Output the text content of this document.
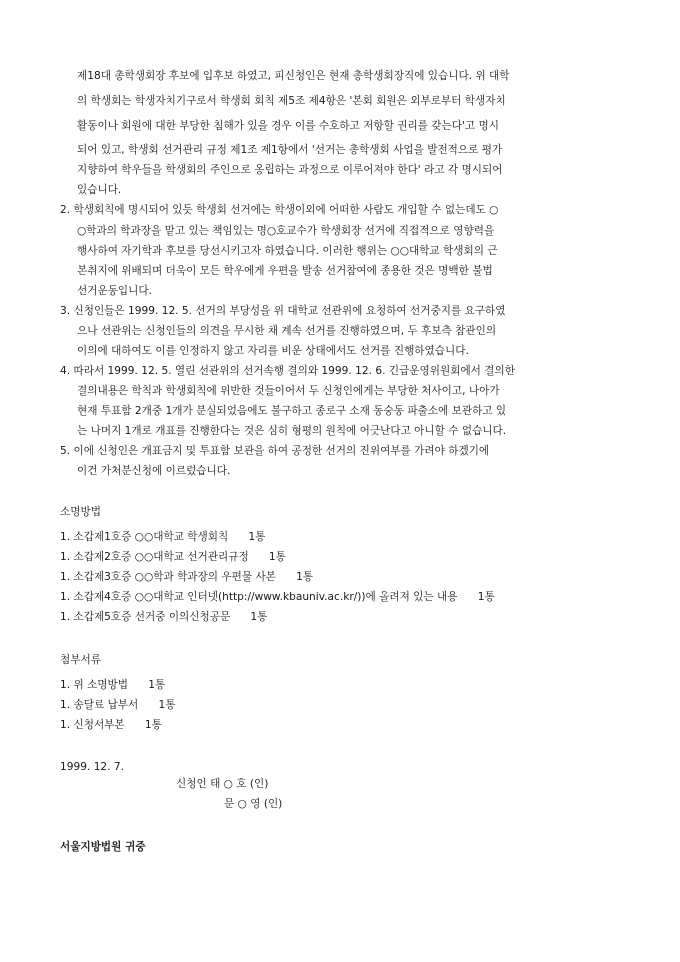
제18대 총학생회장 후보에 입후보 하였고, 피신청인은 현재 총학생회장직에 있습니다. 위 대학
의 학생회는 학생자치기구로서 학생회 회칙 제5조 제4항은 '본회 회원은 외부로부터 학생자치
활동이나 회원에 대한 부당한 침해가 있을 경우 이를 수호하고 저항할 권리를 갖는다'고 명시
되어 있고, 학생회 선거관리 규정 제1조 제1항에서 '선거는 총학생회 사업을 발전적으로 평가
지향하여 학우들을 학생회의 주인으로 옹립하는 과정으로 이루어져야 한다' 라고 각 명시되어
있습니다.
2. 학생회칙에 명시되어 있듯 학생회 선거에는 학생이외에 어떠한 사람도 개입할 수 없는데도 ○
○학과의 학과장을 맡고 있는 책임있는 명○호교수가 학생회장 선거에 직접적으로 영향력을
행사하여 자기학과 후보를 당선시키고자 하였습니다. 이러한 행위는 ○○대학교 학생회의 근
본취지에 위배되며 더욱이 모든 학우에게 우편을 발송 선거참여에 종용한 것은 명백한 불법
선거운동입니다.
3. 신청인들은 1999. 12. 5. 선거의 부당성을 위 대학교 선관위에 요청하여 선거중지를 요구하였
으나 선관위는 신청인들의 의견을 무시한 채 계속 선거를 진행하였으며, 두 후보측 참관인의
이의에 대하여도 이를 인정하지 않고 자리를 비운 상태에서도 선거를 진행하였습니다.
4. 따라서 1999. 12. 5. 열린 선관위의 선거속행 결의와 1999. 12. 6. 긴급운영위원회에서 결의한
결의내용은 학칙과 학생회칙에 위반한 것들이어서 두 신청인에게는 부당한 처사이고, 나아가
현재 투표함 2개중 1개가 분실되었음에도 불구하고 종로구 소재 동숭동 파출소에 보관하고 있
는 나머지 1개로 개표를 진행한다는 것은 심히 형평의 원칙에 어긋난다고 아니할 수 없습니다.
5. 이에 신청인은 개표금지 및 투표함 보관을 하여 공정한 선거의 진위여부를 가려야 하겠기에
이건 가처분신청에 이르렀습니다.
소명방법
1. 소갑제1호증 ○○대학교 학생회칙      1통
1. 소갑제2호증 ○○대학교 선거관리규정      1통
1. 소갑제3호증 ○○학과 학과장의 우편물 사본      1통
1. 소갑제4호증 ○○대학교 인터넷(http://www.kbauniv.ac.kr/))에 올려져 있는 내용      1통
1. 소갑제5호증 선거중 이의신청공문      1통
첨부서류
1. 위 소명방법      1통
1. 송달료 납부서      1통
1. 신청서부본      1통
1999. 12. 7.
신청인 태 ○ 호 (인)
문 ○ 영 (인)
서울지방법원 귀중
